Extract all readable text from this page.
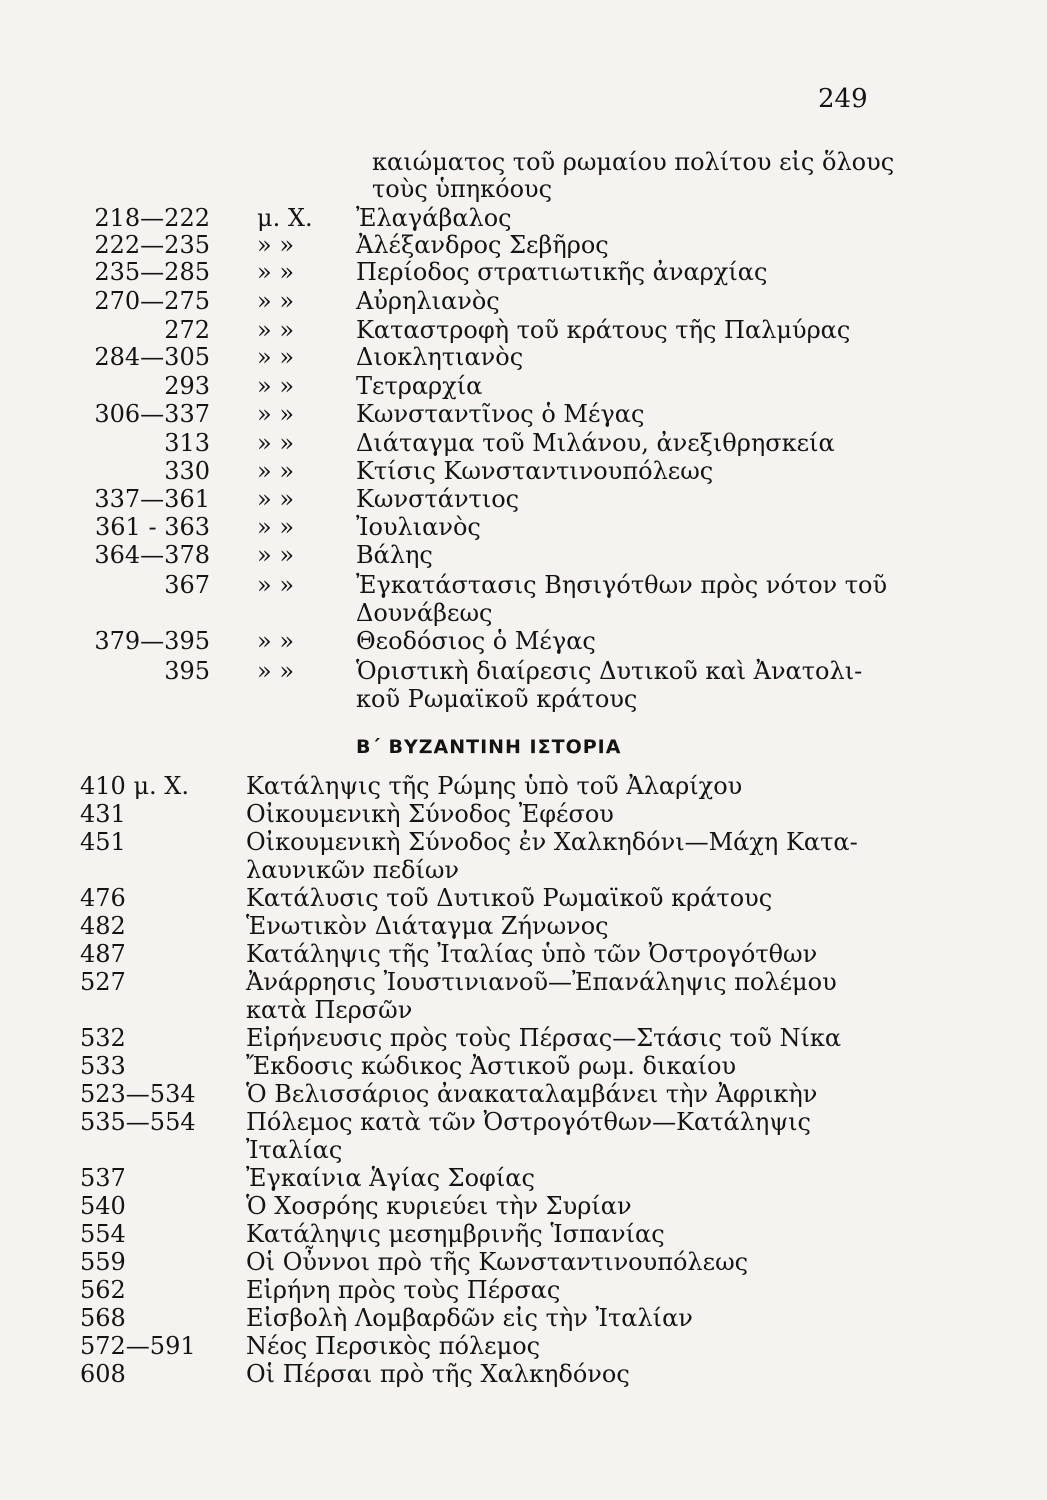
249
καιώματος τοῦ ρωμαίου πολίτου εἰς ὅλους
τοὺς ὑπηκόους
218—222 μ. Χ. Ἐλαγάβαλος
222—235 » »	Ἀλέξανδρος Σεβῆρος
235—285 » »	Περίοδος στρατιωτικῆς ἀναρχίας
270—275 » »	Αὐρηλιανὸς
272 » »	Καταστροφὴ τοῦ κράτους τῆς Παλμύρας
284—305 » »	Διοκλητιανὸς
293 » »	Τετραρχία
306—337 » »	Κωνσταντῖνος ὁ Μέγας
313 » »	Διάταγμα τοῦ Μιλάνου, ἀνεξιθρησκεία
330 » »	Κτίσις Κωνσταντινουπόλεως
337—361 » »	Κωνστάντιος
361 - 363 » »	Ἰουλιανὸς
364—378 » »	Βάλης
367 » »	Ἐγκατάστασις Βησιγότθων πρὸς νότον τοῦ
Δουνάβεως
379—395 » »	Θεοδόσιος ὁ Μέγας
395 » »	Ὁριστικὴ διαίρεσις Δυτικοῦ καὶ Ἀνατολι-
κοῦ Ρωμαϊκοῦ κράτους
Β΄ ΒΥΖΑΝΤΙΝΗ ΙΣΤΟΡΙΑ
410 μ. Χ. Κατάληψις τῆς Ρώμης ὑπὸ τοῦ Ἀλαρίχου
431	Οἰκουμενικὴ Σύνοδος Ἐφέσου
451	Οἰκουμενικὴ Σύνοδος ἐν Χαλκηδόνι—Μάχη Κατα-
λαυνικῶν πεδίων
476	Κατάλυσις τοῦ Δυτικοῦ Ρωμαϊκοῦ κράτους
482	Ἑνωτικὸν Διάταγμα Ζήνωνος
487	Κατάληψις τῆς Ἰταλίας ὑπὸ τῶν Ὀστρογότθων
527	Ἀνάρρησις Ἰουστινιανοῦ—Ἐπανάληψις πολέμου
κατὰ Περσῶν
532	Εἰρήνευσις πρὸς τοὺς Πέρσας—Στάσις τοῦ Νίκα
533	Ἔκδοσις κώδικος Ἀστικοῦ ρωμ. δικαίου
523—534 Ὁ Βελισσάριος ἀνακαταλαμβάνει τὴν Ἀφρικὴν
535—554 Πόλεμος κατὰ τῶν Ὀστρογότθων—Κατάληψις
Ἰταλίας
537	Ἐγκαίνια Ἁγίας Σοφίας
540	Ὁ Χοσρόης κυριεύει τὴν Συρίαν
554	Κατάληψις μεσημβρινῆς Ἱσπανίας
559	Οἱ Οὖννοι πρὸ τῆς Κωνσταντινουπόλεως
562	Εἰρήνη πρὸς τοὺς Πέρσας
568	Εἰσβολὴ Λομβαρδῶν εἰς τὴν Ἰταλίαν
572—591 Νέος Περσικὸς πόλεμος
608	Οἱ Πέρσαι πρὸ τῆς Χαλκηδόνος
